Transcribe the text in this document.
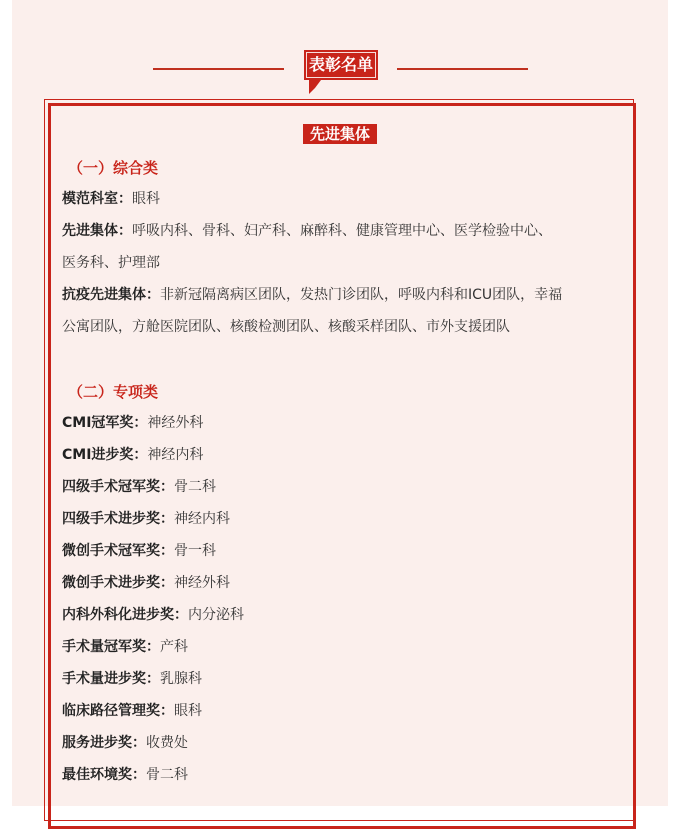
表彰名单
先进集体
（一）综合类
模范科室：眼科
先进集体：呼吸内科、骨科、妇产科、麻醉科、健康管理中心、医学检验中心、
医务科、护理部
抗疫先进集体：非新冠隔离病区团队，发热门诊团队，呼吸内科和ICU团队，幸福
公寓团队，方舱医院团队、核酸检测团队、核酸采样团队、市外支援团队
（二）专项类
CMI冠军奖：神经外科
CMI进步奖：神经内科
四级手术冠军奖：骨二科
四级手术进步奖：神经内科
微创手术冠军奖：骨一科
微创手术进步奖：神经外科
内科外科化进步奖：内分泌科
手术量冠军奖：产科
手术量进步奖：乳腺科
临床路径管理奖：眼科
服务进步奖：收费处
最佳环境奖：骨二科
